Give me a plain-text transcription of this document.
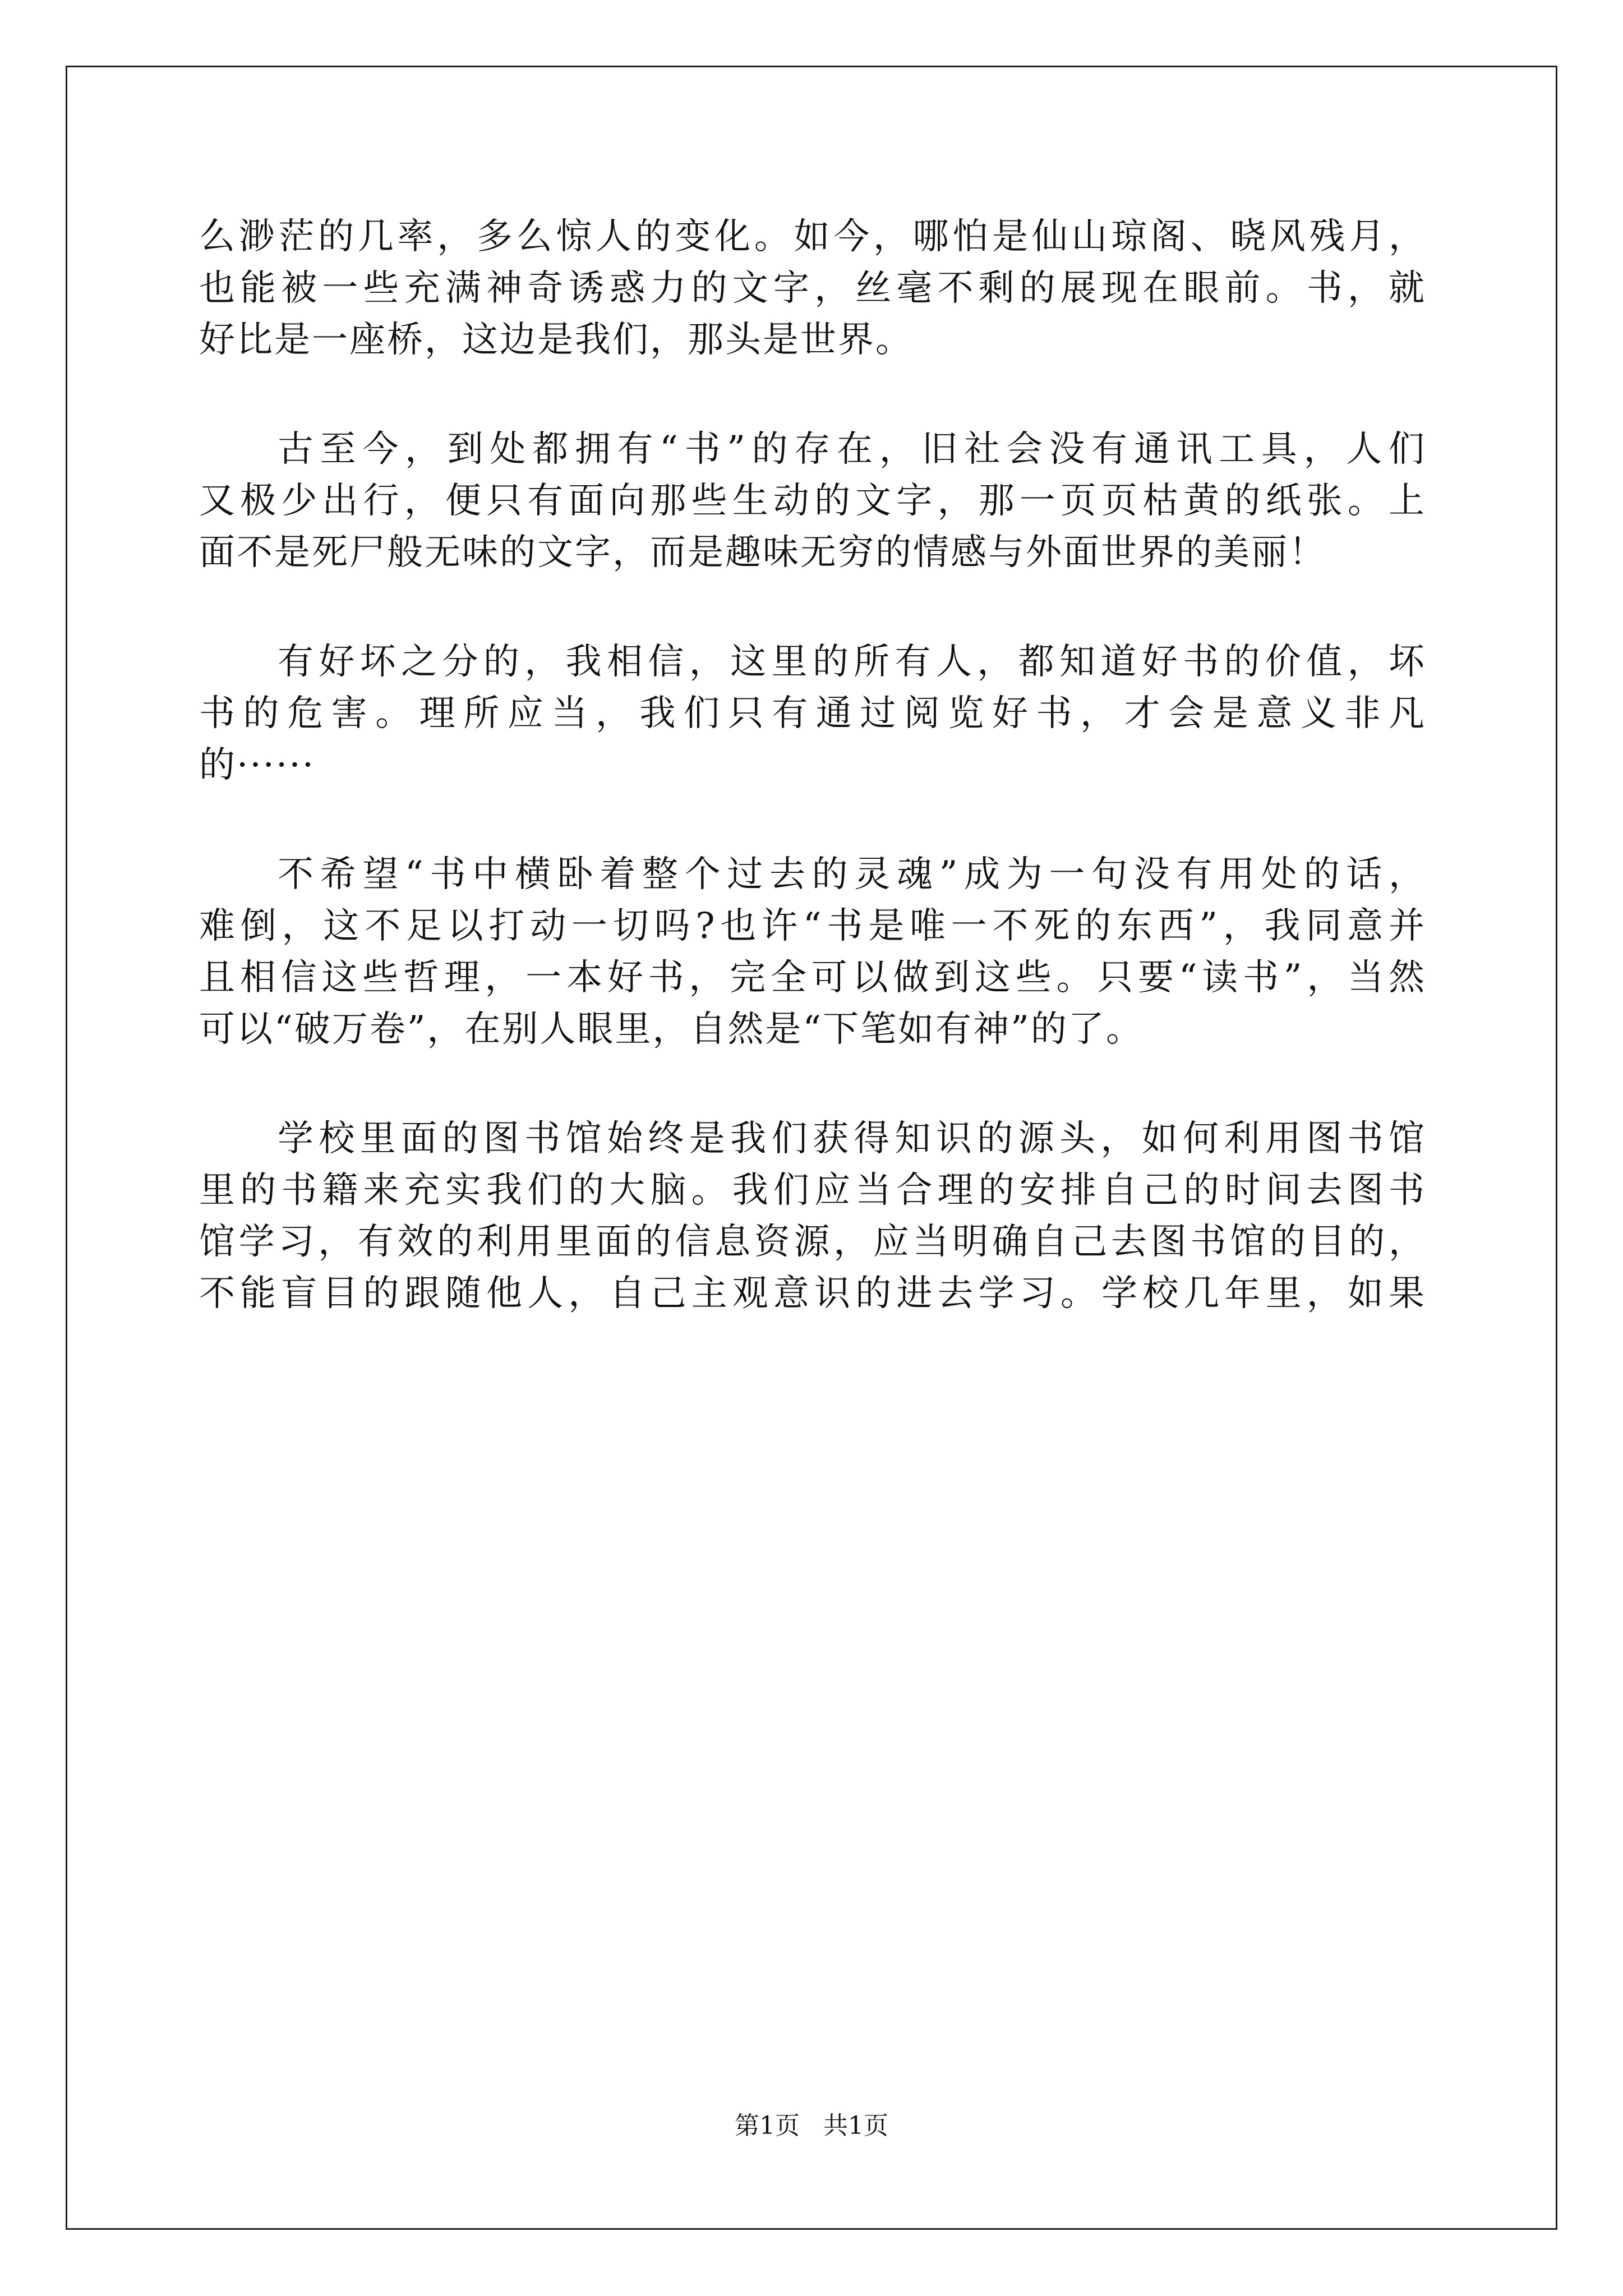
么渺茫的几率，多么惊人的变化。如今，哪怕是仙山琼阁、晓风残月，
也能被一些充满神奇诱惑力的文字，丝毫不剩的展现在眼前。书，就
好比是一座桥，这边是我们，那头是世界。
古至今，到处都拥有“书”的存在，旧社会没有通讯工具，人们
又极少出行，便只有面向那些生动的文字，那一页页枯黄的纸张。上
面不是死尸般无味的文字，而是趣味无穷的情感与外面世界的美丽！
有好坏之分的，我相信，这里的所有人，都知道好书的价值，坏
书的危害。理所应当，我们只有通过阅览好书，才会是意义非凡
的······
不希望“书中横卧着整个过去的灵魂”成为一句没有用处的话，
难倒，这不足以打动一切吗?也许“书是唯一不死的东西”，我同意并
且相信这些哲理，一本好书，完全可以做到这些。只要“读书”，当然
可以“破万卷”，在别人眼里，自然是“下笔如有神”的了。
学校里面的图书馆始终是我们获得知识的源头，如何利用图书馆
里的书籍来充实我们的大脑。我们应当合理的安排自己的时间去图书
馆学习，有效的利用里面的信息资源，应当明确自己去图书馆的目的，
不能盲目的跟随他人，自己主观意识的进去学习。学校几年里，如果
第1页   共1页
